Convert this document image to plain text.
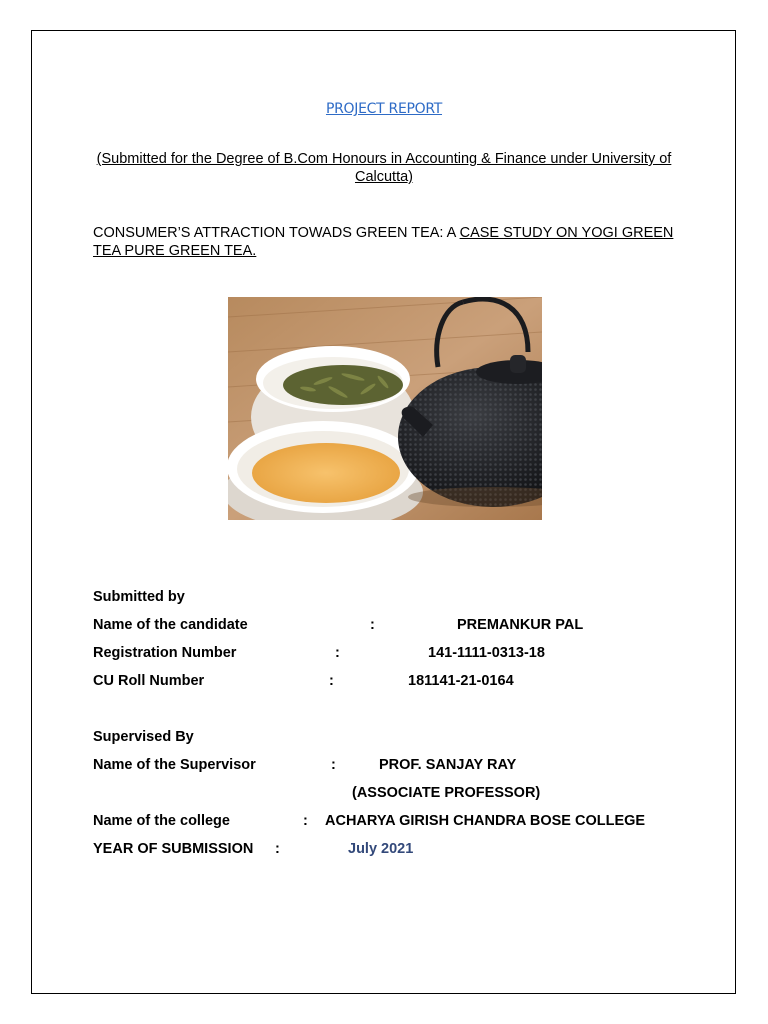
PROJECT REPORT
(Submitted for the Degree of B.Com Honours in Accounting & Finance under University of Calcutta)
CONSUMER’S ATTRACTION TOWADS GREEN TEA: A CASE STUDY ON YOGI GREEN TEA PURE GREEN TEA.
Submitted by
Name of the candidate	:	PREMANKUR PAL
Registration Number	:	141-1111-0313-18
CU Roll Number	:	181141-21-0164
Supervised By
Name of the Supervisor	:	PROF. SANJAY RAY
(ASSOCIATE PROFESSOR)
Name of the college	: ACHARYA GIRISH CHANDRA BOSE COLLEGE
YEAR OF SUBMISSION :	July 2021
